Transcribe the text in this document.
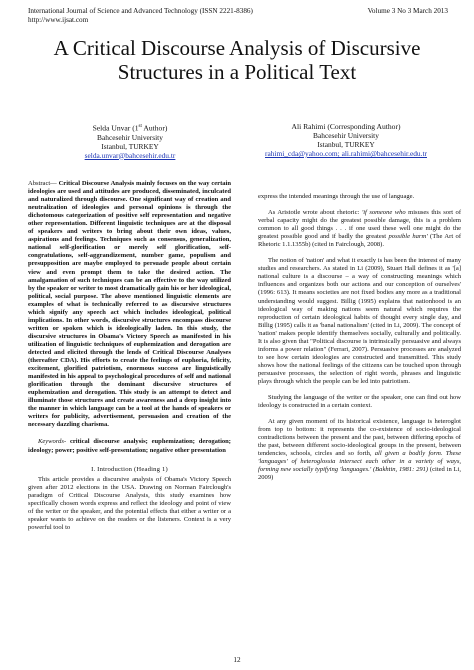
International Journal of Science and Advanced Technology (ISSN 2221-8386)
http://www.ijsat.com
Volume 3 No 3 March 2013
A Critical Discourse Analysis of Discursive
Structures in a Political Text
Selda Unvar (1st Author)
Bahcesehir University
Istanbul, TURKEY
selda.unvar@bahcesehir.edu.tr
Ali Rahimi (Corresponding Author)
Bahcesehir University
Istanbul, TURKEY
rahimi_cda@yahoo.com; ali.rahimi@bahcesehir.edu.tr
Abstract— Critical Discourse Analysis mainly focuses on the way certain ideologies are used and attitudes are produced, disseminated, inculcated and naturalized through discourse. One significant way of creation and neutralization of ideologies and personal opinions is through the dichotomous categorization of positive self representation and negative other representation. Different linguistic techniques are at the disposal of speakers and writers to bring about their own ideas, values, aspirations and feelings. Techniques such as consensus, generalization, national self-glorification or merely self glorification, self-congratulations, self-aggrandizement, number game, populism and presupposition are maybe employed to persuade people about certain view and even prompt them to take the desired action. The amalgamation of such techniques can be an effective to the way utilized by the speaker or writer to most dramatically gain his or her ideological, political, social purpose. The above mentioned linguistic elements are examples of what is technically referred to as discursive structures which signify any speech act which includes ideological, political implications. In other words, discursive structures encompass discourse written or spoken which is ideologically laden. In this study, the discursive structures in Obama's Victory Speech as manifested in his utilization of linguistic techniques of euphemization and derogation are detected and elicited through the lends of Critical Discourse Analyses (thereafter CDA). His efforts to create the feelings of euphoria, felicity, excitement, glorified patriotism, enormous success are linguistically manifested in his appeal to psychological procedures of self and national glorification through the dominant discursive structures of euphemization and derogation. This study is an attempt to detect and illuminate those structures and create awareness and a deep insight into the manner in which language can be a tool at the hands of speakers or writers for publicity, advertisement, persuasion and creation of the necessary dazzling charisma.
Keywords- critical discourse analysis; euphemization; derogation; ideology; power; positive self-presentation; negative other presentation
I. Introduction (Heading 1)

This article provides a discursive analysis of Obama's Victory Speech given after 2012 elections in the USA. Drawing on Norman Fairclough's paradigm of Critical Discourse Analysis, this study examines how specifically chosen words express and reflect the ideology and point of view of the writer or the speaker, and the potential effects that either a writer or a speaker wants to achieve on the readers or the listeners. Context is a very powerful tool to

express the intended meanings through the use of language.

As Aristotle wrote about rhetoric: 'if someone who misuses this sort of verbal capacity might do the greatest possible damage, this is a problem common to all good things . . . if one used these well one might do the greatest possible good and if badly the greatest possible harm' (The Art of Rhetoric 1.1.1355b) (cited in Fairclough, 2008).

The notion of 'nation' and what it exactly is has been the interest of many studies and researchers. As stated in Li (2009), Stuart Hall defines it as '[a] national culture is a discourse – a way of constructing meanings which influences and organizes both our actions and our conception of ourselves' (1996: 613). It means societies are not fixed bodies any more as a traditional understanding would suggest. Billig (1995) explains that nationhood is an ideological way of making nations seem natural which requires the reproduction of certain ideological habits of thought every single day, and Billig (1995) calls it as 'banal nationalism' (cited in Li, 2009). The concept of 'nation' makes people identify themselves socially, culturally and politically. It is also given that "Political discourse is intrinsically persuasive and always informs a power relation" (Ferrari, 2007). Persuasive processes are analyzed to see how certain ideologies are constructed and transmitted. This study shows how the national feelings of the citizens can be touched upon through persuasive processes, the selection of right words, phrases and linguistic plays through which the people can be led into patriotism.

Studying the language of the writer or the speaker, one can find out how ideology is constructed in a certain context.

At any given moment of its historical existence, language is heteroglot from top to bottom: it represents the co-existence of socio-ideological contradictions between the present and the past, between differing epochs of the past, between different socio-ideological groups in the present, between tendencies, schools, circles and so forth, all given a bodily form. These 'languages' of heteroglossia intersect each other in a variety of ways, forming new socially typifying 'languages.' (Bakhtin, 1981: 291) (cited in Li, 2009)

12
